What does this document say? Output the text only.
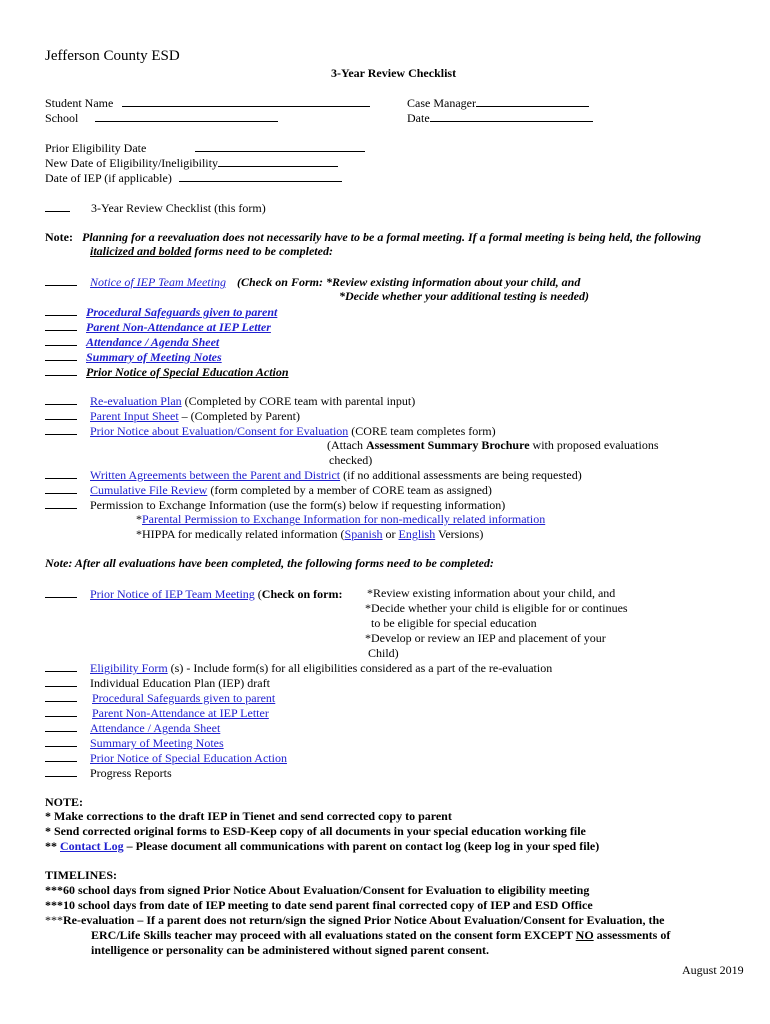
Jefferson County ESD
3-Year Review Checklist
Student Name	Case Manager
School	Date
Prior Eligibility Date
New Date of Eligibility/Ineligibility
Date of IEP (if applicable)
3-Year Review Checklist (this form)
Note: Planning for a reevaluation does not necessarily have to be a formal meeting. If a formal meeting is being held, the following
italicized and bolded forms need to be completed:
Notice of IEP Team Meeting (Check on Form: *Review existing information about your child, and
*Decide whether your additional testing is needed)
Procedural Safeguards given to parent
Parent Non-Attendance at IEP Letter
Attendance / Agenda Sheet
Summary of Meeting Notes
Prior Notice of Special Education Action
Re-evaluation Plan (Completed by CORE team with parental input)
Parent Input Sheet – (Completed by Parent)
Prior Notice about Evaluation/Consent for Evaluation (CORE team completes form)
(Attach Assessment Summary Brochure with proposed evaluations
checked)
Written Agreements between the Parent and District (if no additional assessments are being requested)
Cumulative File Review (form completed by a member of CORE team as assigned)
Permission to Exchange Information (use the form(s) below if requesting information)
*Parental Permission to Exchange Information for non-medically related information
*HIPPA for medically related information (Spanish or English Versions)
Note: After all evaluations have been completed, the following forms need to be completed:
Prior Notice of IEP Team Meeting (Check on form: *Review existing information about your child, and
*Decide whether your child is eligible for or continues
to be eligible for special education
*Develop or review an IEP and placement of your
Child)
Eligibility Form (s) - Include form(s) for all eligibilities considered as a part of the re-evaluation
Individual Education Plan (IEP) draft
Procedural Safeguards given to parent
Parent Non-Attendance at IEP Letter
Attendance / Agenda Sheet
Summary of Meeting Notes
Prior Notice of Special Education Action
Progress Reports
NOTE:
* Make corrections to the draft IEP in Tienet and send corrected copy to parent
* Send corrected original forms to ESD-Keep copy of all documents in your special education working file
** Contact Log – Please document all communications with parent on contact log (keep log in your sped file)
TIMELINES:
***60 school days from signed Prior Notice About Evaluation/Consent for Evaluation to eligibility meeting
***10 school days from date of IEP meeting to date send parent final corrected copy of IEP and ESD Office
***Re-evaluation – If a parent does not return/sign the signed Prior Notice About Evaluation/Consent for Evaluation, the
ERC/Life Skills teacher may proceed with all evaluations stated on the consent form EXCEPT NO assessments of
intelligence or personality can be administered without signed parent consent.
August 2019
